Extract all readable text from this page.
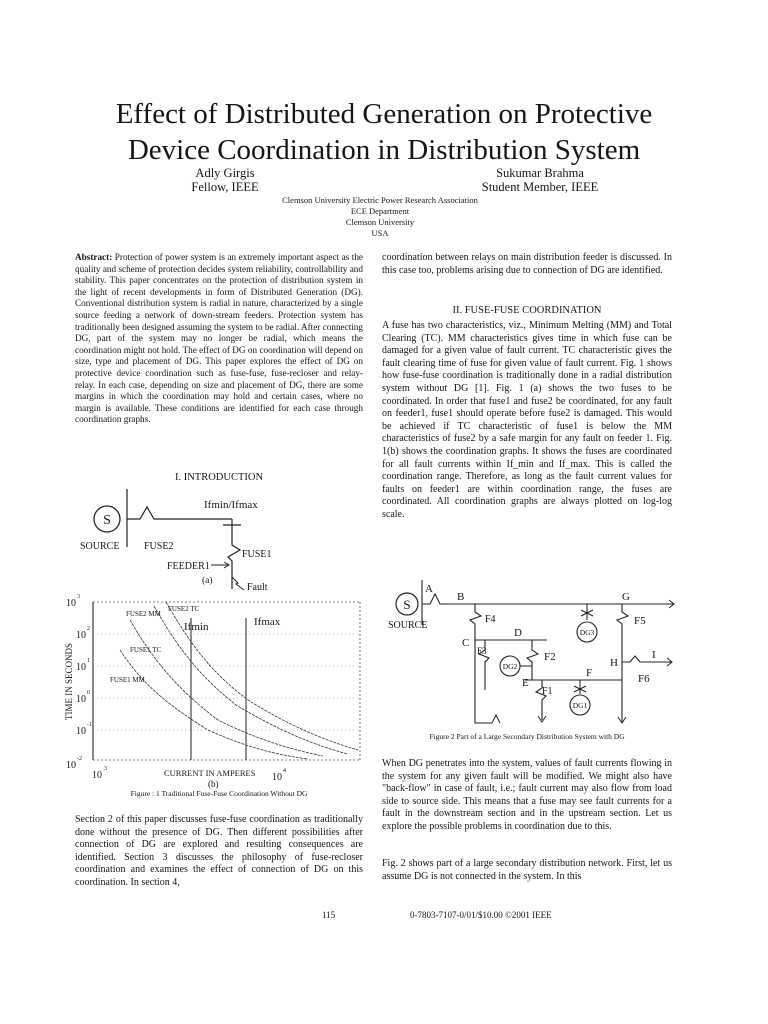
Effect of Distributed Generation on Protective
Device Coordination in Distribution System
Adly Girgis
Fellow, IEEE
Sukumar Brahma
Student Member, IEEE
Clemson University Electric Power Research Association
ECE Department
Clemson University
USA
Abstract: Protection of power system is an extremely important aspect as the quality and scheme of protection decides system reliability, controllability and stability. This paper concentrates on the protection of distribution system in the light of recent developments in form of Distributed Generation (DG). Conventional distribution system is radial in nature, characterized by a single source feeding a network of down-stream feeders. Protection system has traditionally been designed assuming the system to be radial. After connecting DG, part of the system may no longer be radial, which means the coordination might not hold. The effect of DG on coordination will depend on size, type and placement of DG. This paper explores the effect of DG on protective device coordination such as fuse-fuse, fuse-recloser and relay-relay. In each case, depending on size and placement of DG, there are some margins in which the coordination may hold and certain cases, where no margin is available. These conditions are identified for each case through coordination graphs.
I. INTRODUCTION
S
Ifmin/Ifmax
SOURCE FUSE2
FUSE1
FEEDER1
(a)
Fault
FUSE2 TC
FUSE2 MM
FUSE1 TC
FUSE1 MM
Ifmin	Ifmax
10
3
10
2
10
1
10
0
10
-1
10
-2
TIME IN SECONDS
10
3	CURRENT IN AMPERES 10
4
(b)
Figure : 1 Traditional Fuse-Fuse Coordination Without DG
Section 2 of this paper discusses fuse-fuse coordination as traditionally done without the presence of DG. Then different possibilities after connection of DG are explored and resulting consequences are identified. Section 3 discusses the philosophy of fuse-recloser coordination and examines the effect of connection of DG on this coordination. In section 4,
coordination between relays on main distribution feeder is discussed. In this case too, problems arising due to connection of DG are identified.
II. FUSE-FUSE COORDINATION
A fuse has two characteristics, viz., Minimum Melting (MM) and Total Clearing (TC). MM characteristics gives time in which fuse can be damaged for a given value of fault current. TC characteristic gives the fault clearing time of fuse for given value of fault current. Fig. 1 shows how fuse-fuse coordination is traditionally done in a radial distribution system without DG [1]. Fig. 1 (a) shows the two fuses to be coordinated. In order that fuse1 and fuse2 be coordinated, for any fault on feeder1, fuse1 should operate before fuse2 is damaged. This would be achieved if TC characteristic of fuse1 is below the MM characteristics of fuse2 by a safe margin for any fault on feeder 1. Fig. 1(b) shows the coordination graphs. It shows the fuses are coordinated for all fault currents within If_min and If_max. This is called the coordination range. Therefore, as long as the fault current values for faults on feeder1 are within coordination range, the fuses are coordinated. All coordination graphs are always plotted on log-log scale.
A
S
SOURCE
B	G
F4
C
D
F3
DG2
F2
E
F
F1
DG1
DG3
F5
H
I
F6
Figure 2 Part of a Large Secondary Distribution System with DG
When DG penetrates into the system, values of fault currents flowing in the system for any given fault will be modified. We might also have "back-flow" in case of fault, i.e.; fault current may also flow from load side to source side. This means that a fuse may see fault currents for a fault in the downstream section and in the upstream section. Let us explore the possible problems in coordination due to this.
Fig. 2 shows part of a large secondary distribution network. First, let us assume DG is not connected in the system. In this
115	0-7803-7107-0/01/$10.00 ©2001 IEEE
